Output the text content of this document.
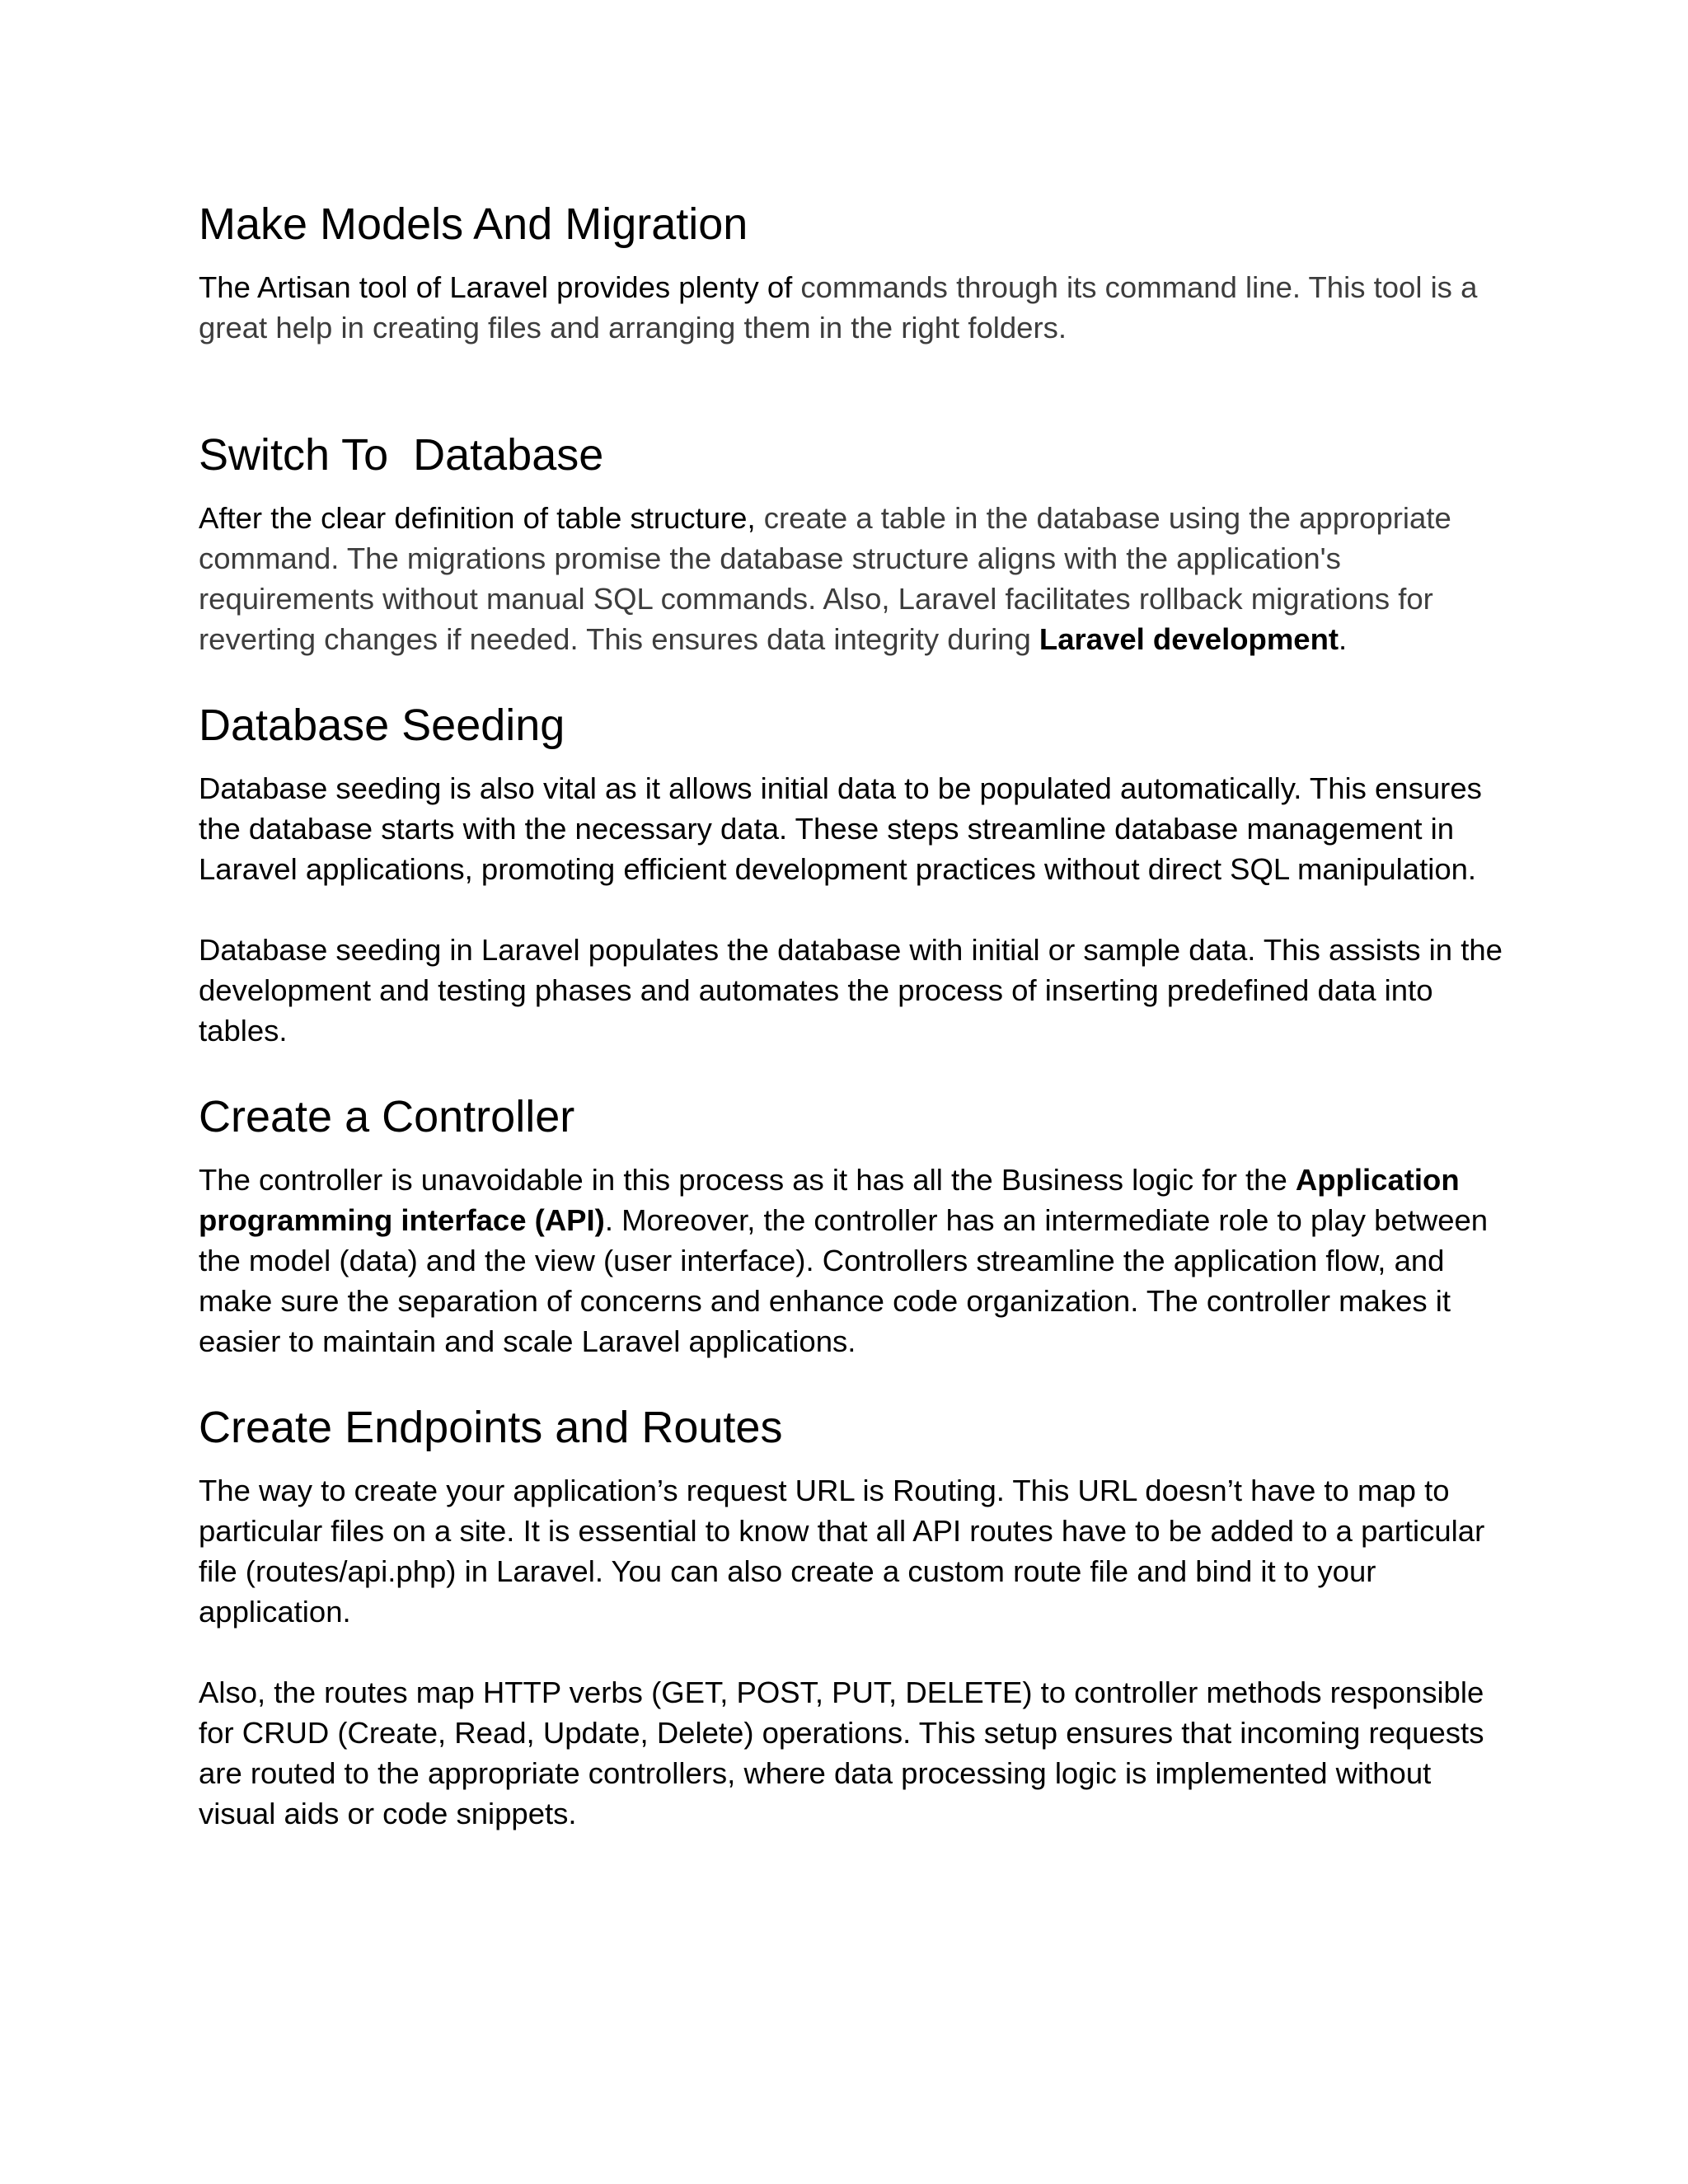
Make Models And Migration

The Artisan tool of Laravel provides plenty of commands through its command line. This tool is a great help in creating files and arranging them in the right folders.

Switch To  Database

After the clear definition of table structure, create a table in the database using the appropriate command. The migrations promise the database structure aligns with the application's requirements without manual SQL commands. Also, Laravel facilitates rollback migrations for reverting changes if needed. This ensures data integrity during Laravel development.

Database Seeding

Database seeding is also vital as it allows initial data to be populated automatically. This ensures the database starts with the necessary data. These steps streamline database management in Laravel applications, promoting efficient development practices without direct SQL manipulation.

Database seeding in Laravel populates the database with initial or sample data. This assists in the development and testing phases and automates the process of inserting predefined data into tables.

Create a Controller

The controller is unavoidable in this process as it has all the Business logic for the Application programming interface (API). Moreover, the controller has an intermediate role to play between the model (data) and the view (user interface). Controllers streamline the application flow, and make sure the separation of concerns and enhance code organization. The controller makes it easier to maintain and scale Laravel applications.

Create Endpoints and Routes

The way to create your application’s request URL is Routing. This URL doesn’t have to map to particular files on a site. It is essential to know that all API routes have to be added to a particular file (routes/api.php) in Laravel. You can also create a custom route file and bind it to your application.

Also, the routes map HTTP verbs (GET, POST, PUT, DELETE) to controller methods responsible for CRUD (Create, Read, Update, Delete) operations. This setup ensures that incoming requests are routed to the appropriate controllers, where data processing logic is implemented without visual aids or code snippets.
